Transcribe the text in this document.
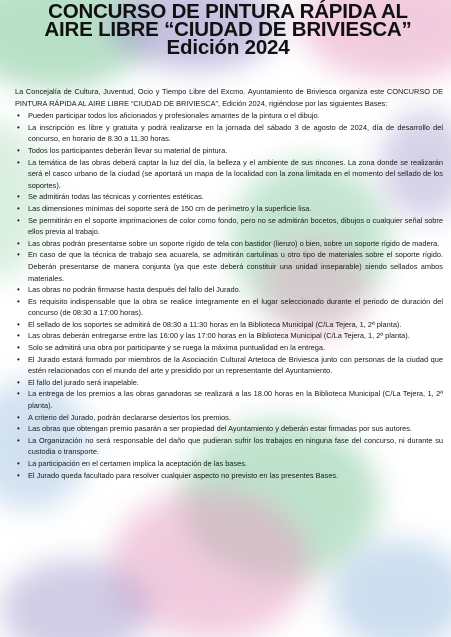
CONCURSO DE PINTURA RÁPIDA AL
AIRE LIBRE “CIUDAD DE BRIVIESCA”
Edición 2024

La Concejalía de Cultura, Juventud, Ocio y Tiempo Libre del Excmo. Ayuntamiento de Briviesca organiza este CONCURSO DE PINTURA RÁPIDA AL AIRE LIBRE “CIUDAD DE BRIVIESCA”, Edición 2024, rigiéndose por las siguientes Bases:

• Pueden participar todos los aficionados y profesionales amantes de la pintura o el dibujo.
• La inscripción es libre y gratuita y podrá realizarse en la jornada del sábado 3 de agosto de 2024, día de desarrollo del concurso, en horario de 8.30 a 11.30 horas.
• Todos los participantes deberán llevar su material de pintura.
• La temática de las obras deberá captar la luz del día, la belleza y el ambiente de sus rincones. La zona donde se realizarán será el casco urbano de la ciudad (se aportará un mapa de la localidad con la zona limitada en el momento del sellado de los soportes).
• Se admitirán todas las técnicas y corrientes estéticas.
• Las dimensiones mínimas del soporte será de 150 cm de perímetro y la superficie lisa.
• Se permitirán en el soporte imprimaciones de color como fondo, pero no se admitirán bocetos, dibujos o cualquier señal sobre ellos previa al trabajo.
• Las obras podrán presentarse sobre un soporte rígido de tela con bastidor (lienzo) o bien, sobre un soporte rígido de madera.
• En caso de que la técnica de trabajo sea acuarela, se admitirán cartulinas u otro tipo de materiales sobre el soporte rígido. Deberán presentarse de manera conjunta (ya que este deberá constituir una unidad inseparable) siendo sellados ambos materiales.
• Las obras no podrán firmarse hasta después del fallo del Jurado.
• Es requisito indispensable que la obra se realice íntegramente en el lugar seleccionado durante el periodo de duración del concurso (de 08:30 a 17:00 horas).
• El sellado de los soportes se admitirá de 08:30 a 11:30 horas en la Biblioteca Municipal (C/La Tejera, 1, 2ª planta).
• Las obras deberán entregarse entre las 16:00 y las 17:00 horas en la Biblioteca Municipal (C/La Tejera, 1, 2ª planta).
• Solo se admitirá una obra por participante y se ruega la máxima puntualidad en la entrega.
• El Jurado estará formado por miembros de la Asociación Cultural Artetoca de Briviesca junto con personas de la ciudad que estén relacionados con el mundo del arte y presidido por un representante del Ayuntamiento.
• El fallo del jurado será inapelable.
• La entrega de los premios a las obras ganadoras se realizará a las 18.00 horas en la Biblioteca Municipal (C/La Tejera, 1, 2ª planta).
• A criterio del Jurado, podrán declararse desiertos los premios.
• Las obras que obtengan premio pasarán a ser propiedad del Ayuntamiento y deberán estar firmadas por sus autores.
• La Organización no será responsable del daño que pudieran sufrir los trabajos en ninguna fase del concurso, ni durante su custodia o transporte.
• La participación en el certamen implica la aceptación de las bases.
• El Jurado queda facultado para resolver cualquier aspecto no previsto en las presentes Bases.
